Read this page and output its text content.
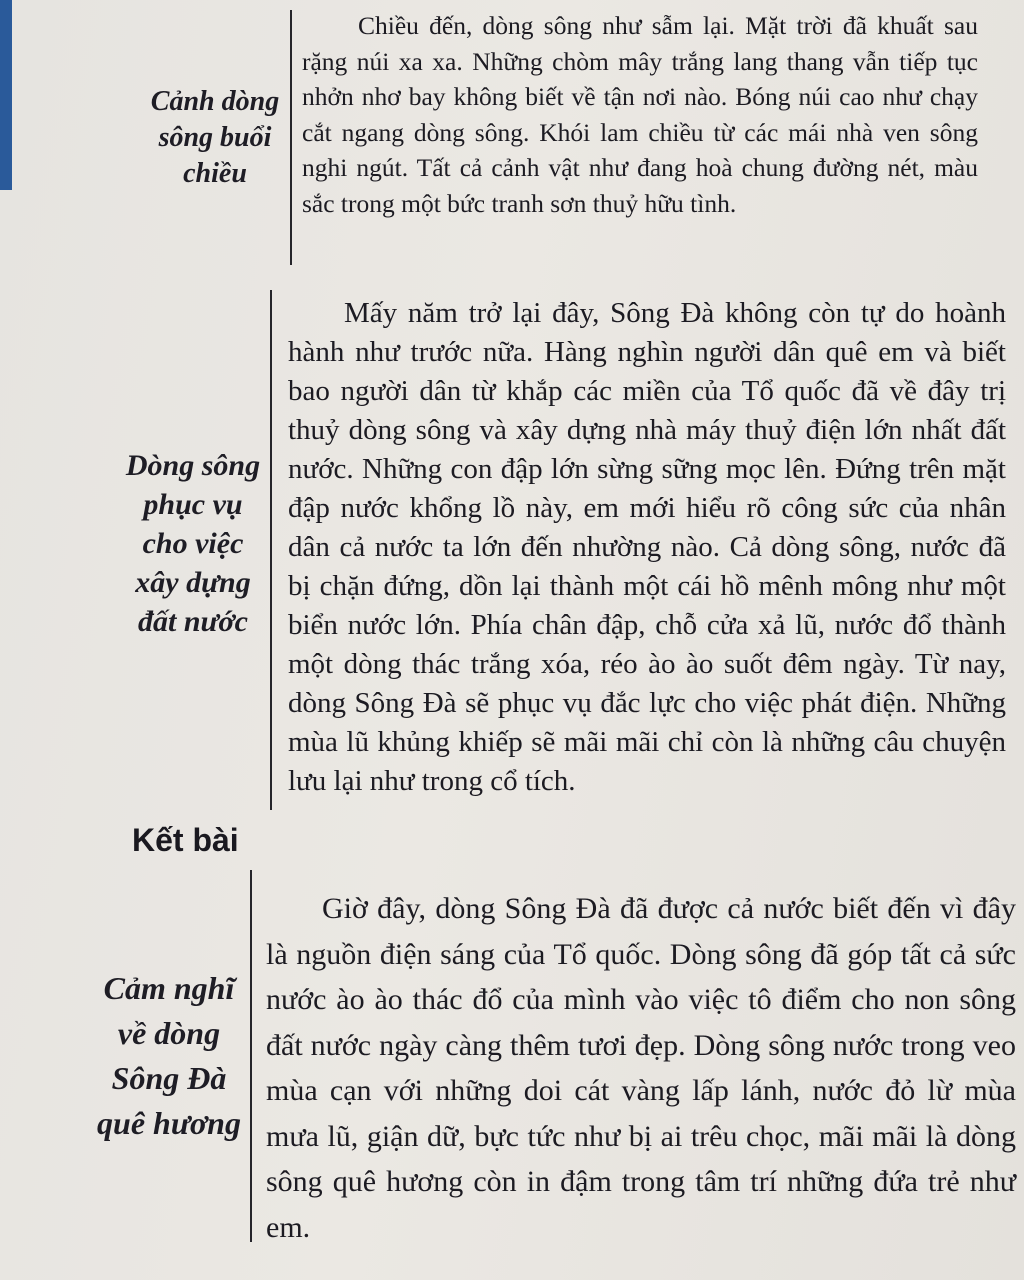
Cảnh dòng
sông buổi
chiều

Chiều đến, dòng sông như sẫm lại. Mặt trời đã khuất sau rặng núi xa xa. Những chòm mây trắng lang thang vẫn tiếp tục nhởn nhơ bay không biết về tận nơi nào. Bóng núi cao như chạy cắt ngang dòng sông. Khói lam chiều từ các mái nhà ven sông nghi ngút. Tất cả cảnh vật như đang hoà chung đường nét, màu sắc trong một bức tranh sơn thuỷ hữu tình.

Dòng sông
phục vụ
cho việc
xây dựng
đất nước

Mấy năm trở lại đây, Sông Đà không còn tự do hoành hành như trước nữa. Hàng nghìn người dân quê em và biết bao người dân từ khắp các miền của Tổ quốc đã về đây trị thuỷ dòng sông và xây dựng nhà máy thuỷ điện lớn nhất đất nước. Những con đập lớn sừng sững mọc lên. Đứng trên mặt đập nước khổng lồ này, em mới hiểu rõ công sức của nhân dân cả nước ta lớn đến nhường nào. Cả dòng sông, nước đã bị chặn đứng, dồn lại thành một cái hồ mênh mông như một biển nước lớn. Phía chân đập, chỗ cửa xả lũ, nước đổ thành một dòng thác trắng xóa, réo ào ào suốt đêm ngày. Từ nay, dòng Sông Đà sẽ phục vụ đắc lực cho việc phát điện. Những mùa lũ khủng khiếp sẽ mãi mãi chỉ còn là những câu chuyện lưu lại như trong cổ tích.

Kết bài
Cảm nghĩ
về dòng
Sông Đà
quê hương

Giờ đây, dòng Sông Đà đã được cả nước biết đến vì đây là nguồn điện sáng của Tổ quốc. Dòng sông đã góp tất cả sức nước ào ào thác đổ của mình vào việc tô điểm cho non sông đất nước ngày càng thêm tươi đẹp. Dòng sông nước trong veo mùa cạn với những doi cát vàng lấp lánh, nước đỏ lừ mùa mưa lũ, giận dữ, bực tức như bị ai trêu chọc, mãi mãi là dòng sông quê hương còn in đậm trong tâm trí những đứa trẻ như em.
